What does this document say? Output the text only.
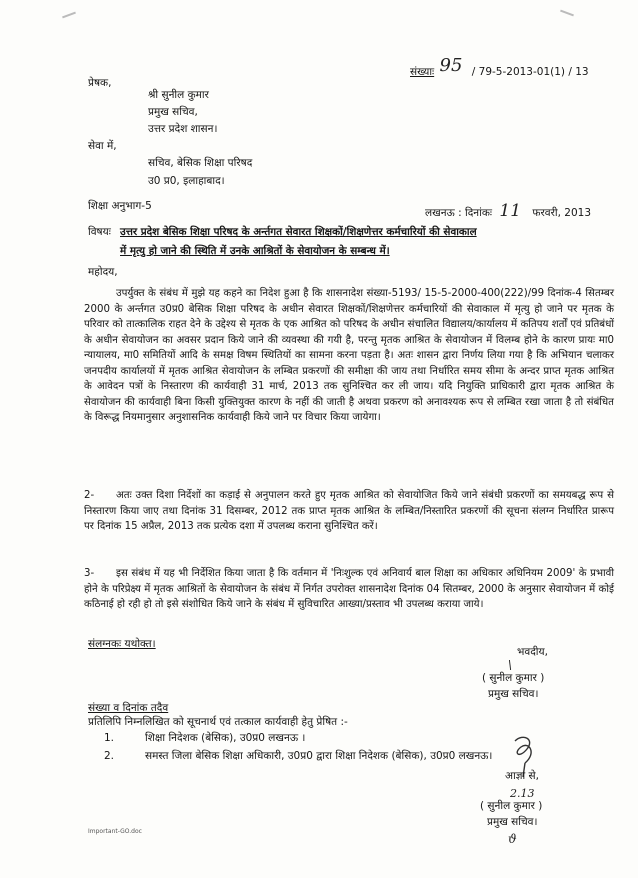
संख्याः 95 / 79-5-2013-01(1) / 13
प्रेषक,
श्री सुनील कुमार
प्रमुख सचिव,
उत्तर प्रदेश शासन।
सेवा में,
सचिव, बेसिक शिक्षा परिषद
उ0 प्र0, इलाहाबाद।
शिक्षा अनुभाग-5
लखनऊ : दिनांकः 11 फरवरी, 2013
विषयः उत्तर प्रदेश बेसिक शिक्षा परिषद के अर्न्तगत सेवारत शिक्षकों/शिक्षणेत्तर कर्मचारियों की सेवाकाल
में मृत्यु हो जाने की स्थिति में उनके आश्रितों के सेवायोजन के सम्बन्ध में।
महोदय,
उपर्युक्त के संबंध में मुझे यह कहने का निदेश हुआ है कि शासनादेश संख्या-5193/ 15-5-2000-400(222)/99 दिनांक-4 सितम्बर 2000 के अर्न्तगत उ0प्र0 बेसिक शिक्षा परिषद के अधीन सेवारत शिक्षकों/शिक्षणेत्तर कर्मचारियों की सेवाकाल में मृत्यु हो जाने पर मृतक के परिवार को तात्कालिक राहत देने के उद्देश्य से मृतक के एक आश्रित को परिषद के अधीन संचालित विद्यालय/कार्यालय में कतिपय शर्तों एवं प्रतिबंधों के अधीन सेवायोजन का अवसर प्रदान किये जाने की व्यवस्था की गयी है, परन्तु मृतक आश्रित के सेवायोजन में विलम्ब होने के कारण प्रायः मा0 न्यायालय, मा0 समितियों आदि के समक्ष विषम स्थितियों का सामना करना पड़ता है। अतः शासन द्वारा निर्णय लिया गया है कि अभियान चलाकर जनपदीय कार्यालयों में मृतक आश्रित सेवायोजन के लम्बित प्रकरणों की समीक्षा की जाय तथा निर्धारित समय सीमा के अन्दर प्राप्त मृतक आश्रित के आवेदन पत्रों के निस्तारण की कार्यवाही 31 मार्च, 2013 तक सुनिश्चित कर ली जाय। यदि नियुक्ति प्राधिकारी द्वारा मृतक आश्रित के सेवायोजन की कार्यवाही बिना किसी युक्तियुक्त कारण के नहीं की जाती है अथवा प्रकरण को अनावश्यक रूप से लम्बित रखा जाता है तो संबंधित के विरूद्ध नियमानुसार अनुशासनिक कार्यवाही किये जाने पर विचार किया जायेगा।
2- अतः उक्त दिशा निर्देशों का कड़ाई से अनुपालन करते हुए मृतक आश्रित को सेवायोजित किये जाने संबंधी प्रकरणों का समयबद्ध रूप से निस्तारण किया जाए तथा दिनांक 31 दिसम्बर, 2012 तक प्राप्त मृतक आश्रित के लम्बित/निस्तारित प्रकरणों की सूचना संलग्न निर्धारित प्रारूप पर दिनांक 15 अप्रैल, 2013 तक प्रत्येक दशा में उपलब्ध कराना सुनिश्चित करें।
3- इस संबंध में यह भी निर्देशित किया जाता है कि वर्तमान में 'निःशुल्क एवं अनिवार्य बाल शिक्षा का अधिकार अधिनियम 2009' के प्रभावी होने के परिप्रेक्ष्य में मृतक आश्रितों के सेवायोजन के संबंध में निर्गत उपरोक्त शासनादेश दिनांक 04 सितम्बर, 2000 के अनुसार सेवायोजन में कोई कठिनाई हो रही हो तो इसे संशोधित किये जाने के संबंध में सुविचारित आख्या/प्रस्ताव भी उपलब्ध कराया जाये।
संलग्नकः यथोक्त।
भवदीय,
\
( सुनील कुमार )
प्रमुख सचिव।
संख्या व दिनांक तदैव
प्रतिलिपि निम्नलिखित को सूचनार्थ एवं तत्काल कार्यवाही हेतु प्रेषित :-
1.	शिक्षा निदेशक (बेसिक), उ0प्र0 लखनऊ ।
2.	समस्त जिला बेसिक शिक्षा अधिकारी, उ0प्र0 द्वारा शिक्षा निदेशक (बेसिक), उ0प्र0 लखनऊ।
आज्ञा से,
2.13
( सुनील कुमार )
प्रमुख सचिव।
ϑ
Important-GO.doc
